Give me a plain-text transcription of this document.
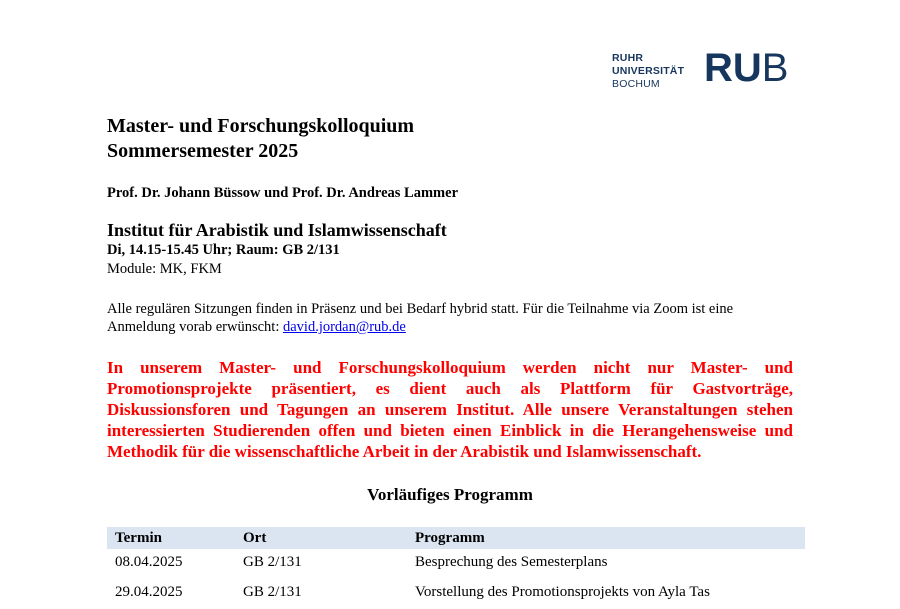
RUHR
UNIVERSITÄT
BOCHUM	RUB
Master- und Forschungskolloquium
Sommersemester 2025
Prof. Dr. Johann Büssow und Prof. Dr. Andreas Lammer
Institut für Arabistik und Islamwissenschaft
Di, 14.15-15.45 Uhr; Raum: GB 2/131
Module: MK, FKM
Alle regulären Sitzungen finden in Präsenz und bei Bedarf hybrid statt. Für die Teilnahme via Zoom ist eine Anmeldung vorab erwünscht: david.jordan@rub.de
In unserem Master- und Forschungskolloquium werden nicht nur Master- und Promotionsprojekte präsentiert, es dient auch als Plattform für Gastvorträge, Diskussionsforen und Tagungen an unserem Institut. Alle unsere Veranstaltungen stehen interessierten Studierenden offen und bieten einen Einblick in die Herangehensweise und Methodik für die wissenschaftliche Arbeit in der Arabistik und Islamwissenschaft.
Vorläufiges Programm
Termin	Ort	Programm
08.04.2025	GB 2/131	Besprechung des Semesterplans
29.04.2025	GB 2/131	Vorstellung des Promotionsprojekts von Ayla Tas
